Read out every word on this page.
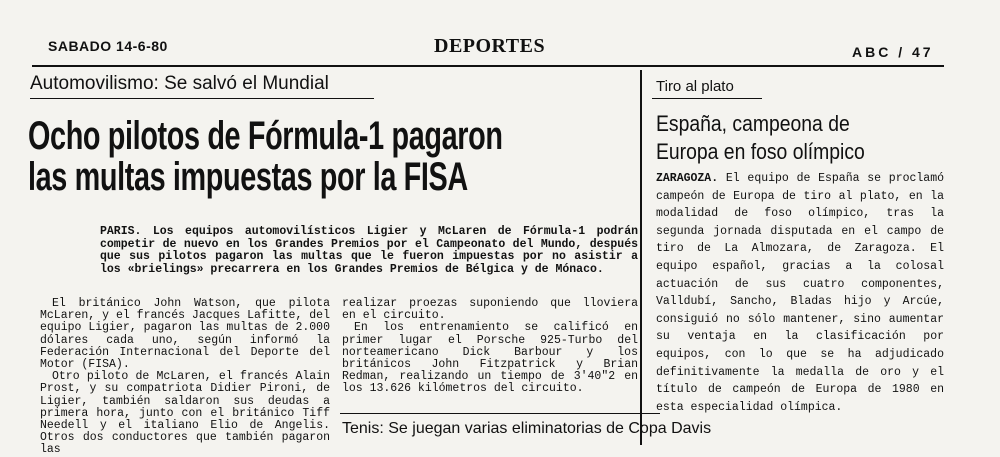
SABADO 14-6-80	DEPORTES	ABC / 47
Automovilismo: Se salvó el Mundial
Ocho pilotos de Fórmula-1 pagaron
las multas impuestas por la FISA
PARIS. Los equipos automovilísticos Ligier y McLaren de Fórmula-1 podrán competir de nuevo en los Grandes Premios por el Campeonato del Mundo, después que sus pilotos pagaron las multas que le fueron impuestas por no asistir a los «brielings» precarrera en los Grandes Premios de Bélgica y de Mónaco.

El británico John Watson, que pilota McLaren, y el francés Jacques Lafitte, del equipo Ligier, pagaron las multas de 2.000 dólares cada uno, según informó la Federación Internacional del Deporte del Motor (FISA).

Otro piloto de McLaren, el francés Alain Prost, y su compatriota Didier Pironi, de Ligier, también saldaron sus deudas a primera hora, junto con el británico Tiff Needell y el italiano Elio de Angelis. Otros dos conductores que también pagaron las

realizar proezas suponiendo que lloviera en el circuito.

En los entrenamiento se calificó en primer lugar el Porsche 925-Turbo del norteamericano Dick Barbour y los británicos John Fitzpatrick y Brian Redman, realizando un tiempo de 3'40"2 en los 13.626 kilómetros del circuito.

Tenis: Se juegan varias eliminatorias de Copa Davis
Tiro al plato
España, campeona de Europa en foso olímpico
ZARAGOZA. El equipo de España se proclamó campeón de Europa de tiro al plato, en la modalidad de foso olímpico, tras la segunda jornada disputada en el campo de tiro de La Almozara, de Zaragoza. El equipo español, gracias a la colosal actuación de sus cuatro componentes, Valldubí, Sancho, Bladas hijo y Arcúe, consiguió no sólo mantener, sino aumentar su ventaja en la clasificación por equipos, con lo que se ha adjudicado definitivamente la medalla de oro y el título de campeón de Europa de 1980 en esta especialidad olímpica.
